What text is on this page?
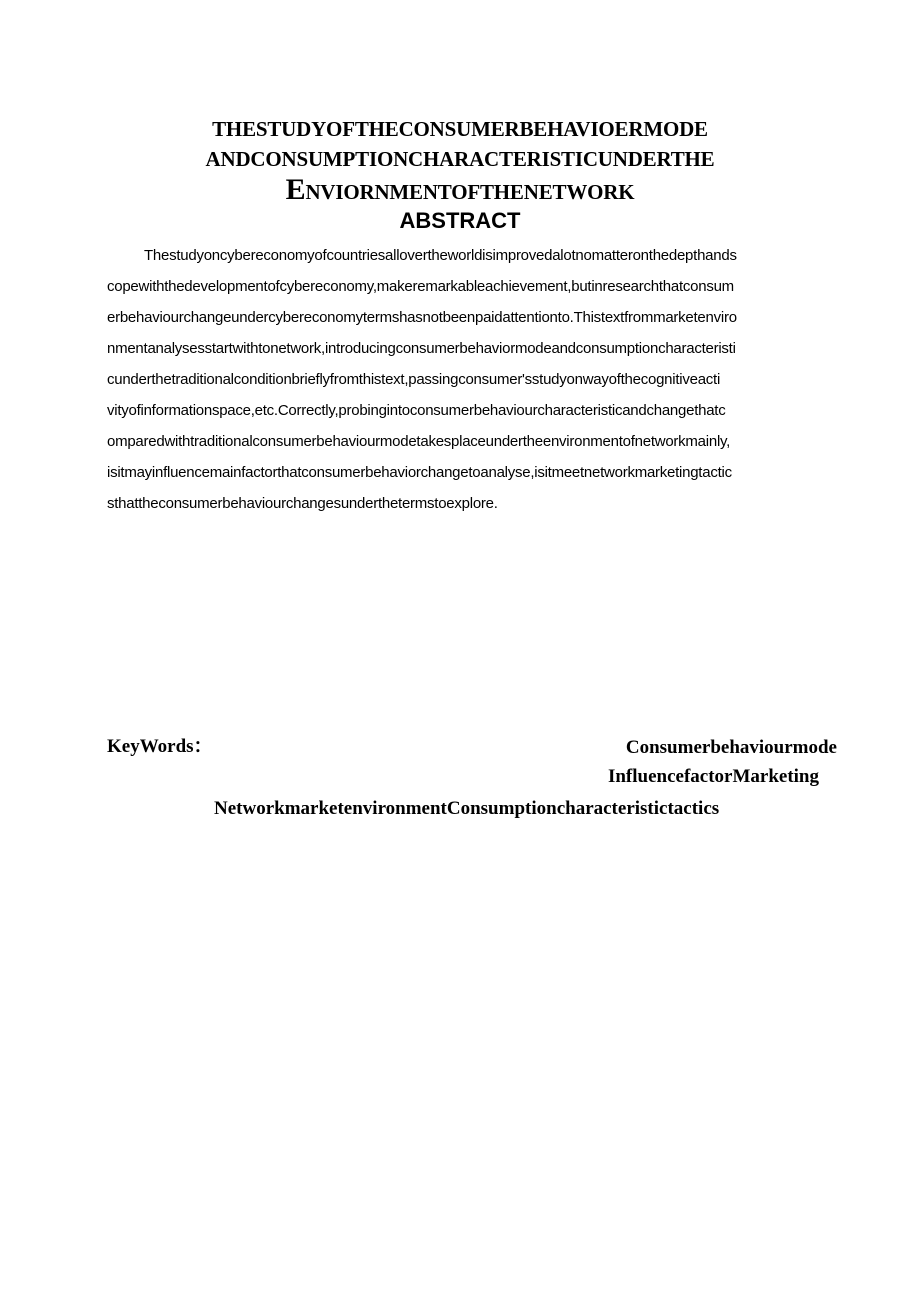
THESTUDYOFTHECONSUMERBEHAVIOERMODE
ANDCONSUMPTIONCHARACTERISTICUNDERTHE
ENVIORNMENTOFTHENETWORK
ABSTRACT
Thestudyoncybereconomyofcountriesallovertheworldisimprovedalotnomatteronthedepthands
copewiththedevelopmentofcybereconomy,makeremarkableachievement,butinresearchthatconsum
erbehaviourchangeundercybereconomytermshasnotbeenpaidattentionto.Thistextfrommarketenviro
nmentanalysesstartwithtonetwork,introducingconsumerbehaviormodeandconsumptioncharacteristi
cunderthetraditionalconditionbrieflyfromthistext,passingconsumer'sstudyonwayofthecognitiveacti
vityofinformationspace,etc.Correctly,probingintoconsumerbehaviourcharacteristicandchangethatc
omparedwithtraditionalconsumerbehaviourmodetakesplaceundertheenvironmentofnetworkmainly,
isitmayinfluencemainfactorthatconsumerbehaviorchangetoanalyse,isitmeetnetworkmarketingtactic
sthattheconsumerbehaviourchangesunderthetermstoexplore.
KeyWords：	Consumerbehaviourmode
InfluencefactorMarketing
NetworkmarketenvironmentConsumptioncharacteristictactics
